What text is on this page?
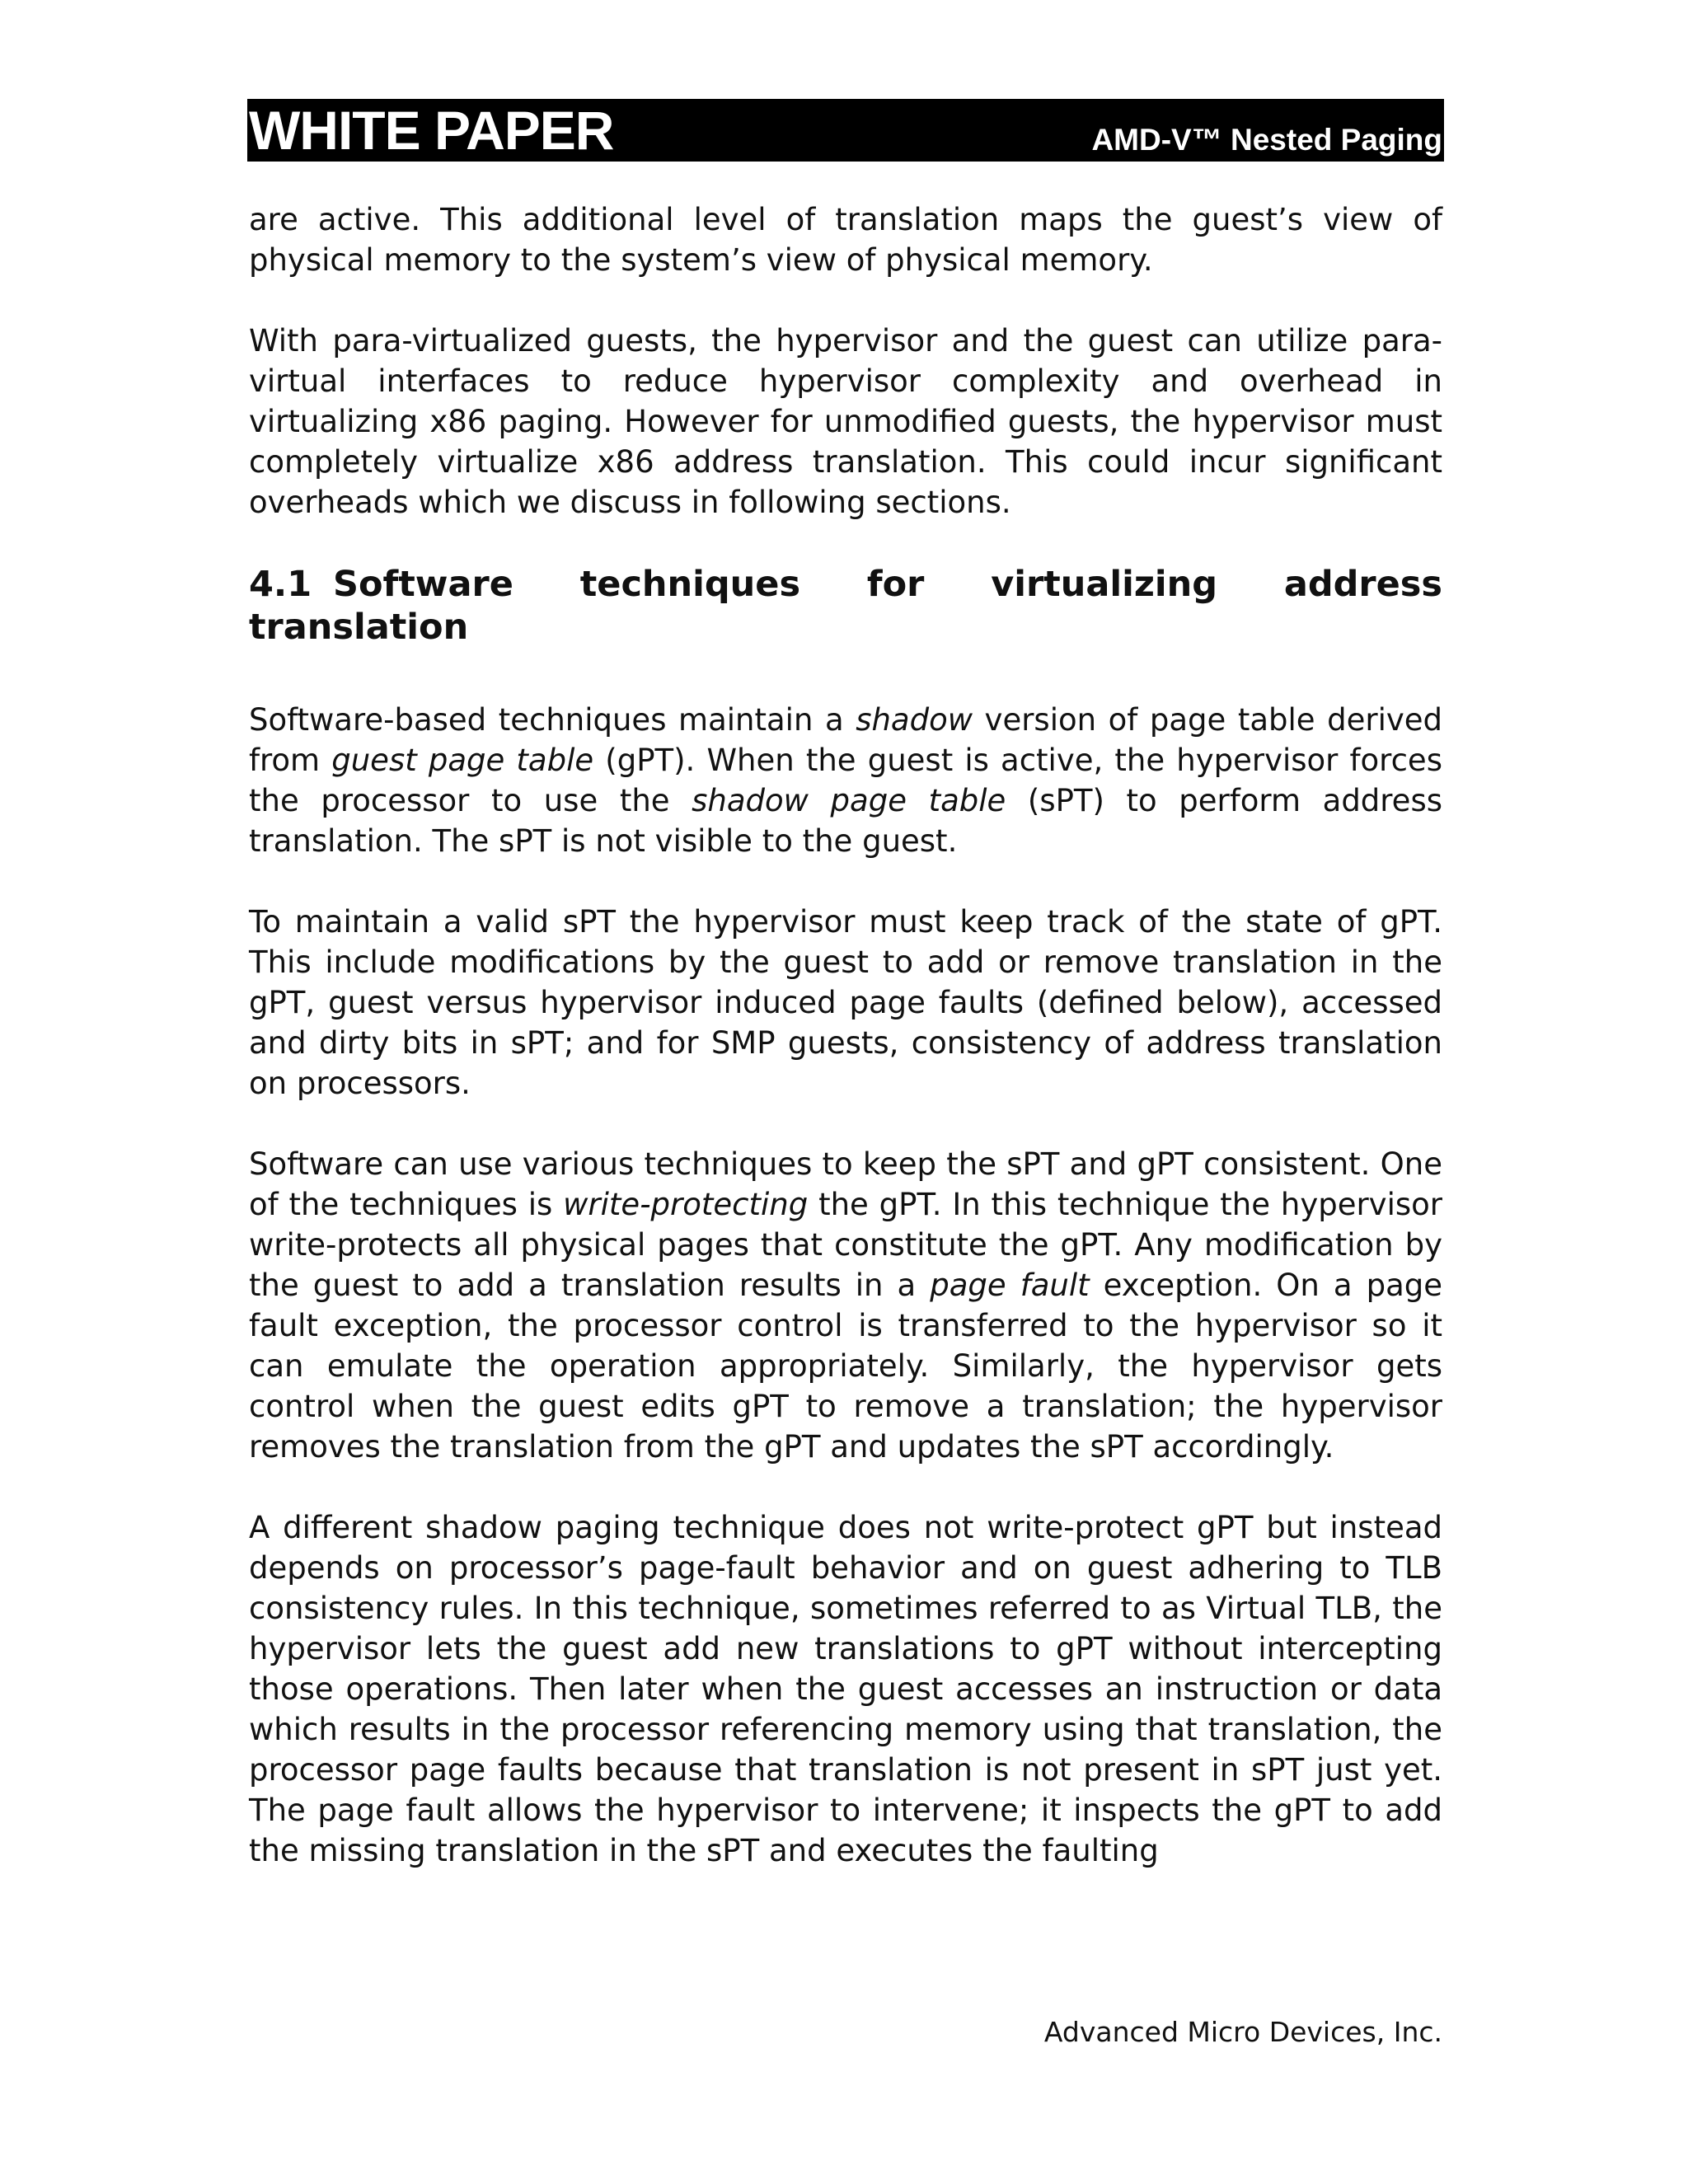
WHITE PAPER	AMD-V™ Nested Paging

are active. This additional level of translation maps the guest’s view of physical memory to the system’s view of physical memory.

With para-virtualized guests, the hypervisor and the guest can utilize para-virtual interfaces to reduce hypervisor complexity and overhead in virtualizing x86 paging. However for unmodified guests, the hypervisor must completely virtualize x86 address translation. This could incur significant overheads which we discuss in following sections.

4.1 Software techniques for virtualizing address translation

Software-based techniques maintain a shadow version of page table derived from guest page table (gPT). When the guest is active, the hypervisor forces the processor to use the shadow page table (sPT) to perform address translation. The sPT is not visible to the guest.

To maintain a valid sPT the hypervisor must keep track of the state of gPT. This include modifications by the guest to add or remove translation in the gPT, guest versus hypervisor induced page faults (defined below), accessed and dirty bits in sPT; and for SMP guests, consistency of address translation on processors.

Software can use various techniques to keep the sPT and gPT consistent. One of the techniques is write-protecting the gPT. In this technique the hypervisor write-protects all physical pages that constitute the gPT. Any modification by the guest to add a translation results in a page fault exception. On a page fault exception, the processor control is transferred to the hypervisor so it can emulate the operation appropriately. Similarly, the hypervisor gets control when the guest edits gPT to remove a translation; the hypervisor removes the translation from the gPT and updates the sPT accordingly.

A different shadow paging technique does not write-protect gPT but instead depends on processor’s page-fault behavior and on guest adhering to TLB consistency rules. In this technique, sometimes referred to as Virtual TLB, the hypervisor lets the guest add new translations to gPT without intercepting those operations. Then later when the guest accesses an instruction or data which results in the processor referencing memory using that translation, the processor page faults because that translation is not present in sPT just yet. The page fault allows the hypervisor to intervene; it inspects the gPT to add the missing translation in the sPT and executes the faulting

Advanced Micro Devices, Inc.
